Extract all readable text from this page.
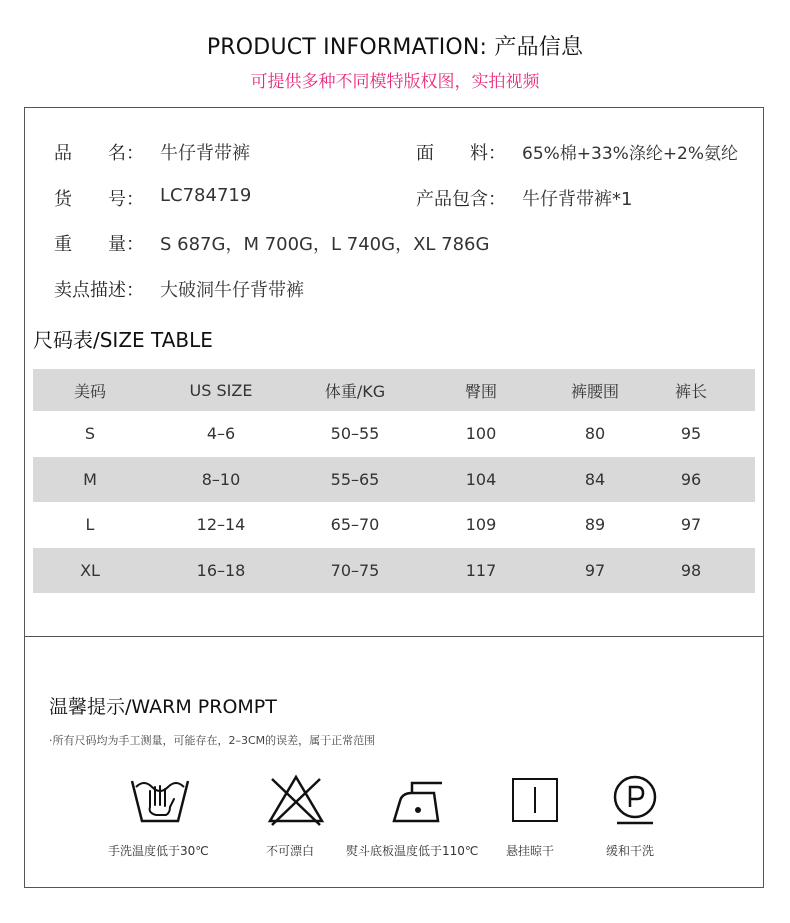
PRODUCT INFORMATION: 产品信息
可提供多种不同模特版权图，实拍视频
品　　名： 牛仔背带裤	面　　料： 65%棉+33%涤纶+2%氨纶
货　　号： LC784719	产品包含： 牛仔背带裤*1
重　　量： S 687G，M 700G，L 740G，XL 786G
卖点描述： 大破洞牛仔背带裤
尺码表/SIZE TABLE
美码	US SIZE	体重/KG	臀围	裤腰围	裤长
S	4–6	50–55	100	80	95
M	8–10	55–65	104	84	96
L	12–14	65–70	109	89	97
XL	16–18	70–75	117	97	98
温馨提示/WARM PROMPT
·所有尺码均为手工测量，可能存在，2–3CM的误差，属于正常范围
手洗温度低于30℃	不可漂白	熨斗底板温度低于110℃ 悬挂晾干	缓和干洗
